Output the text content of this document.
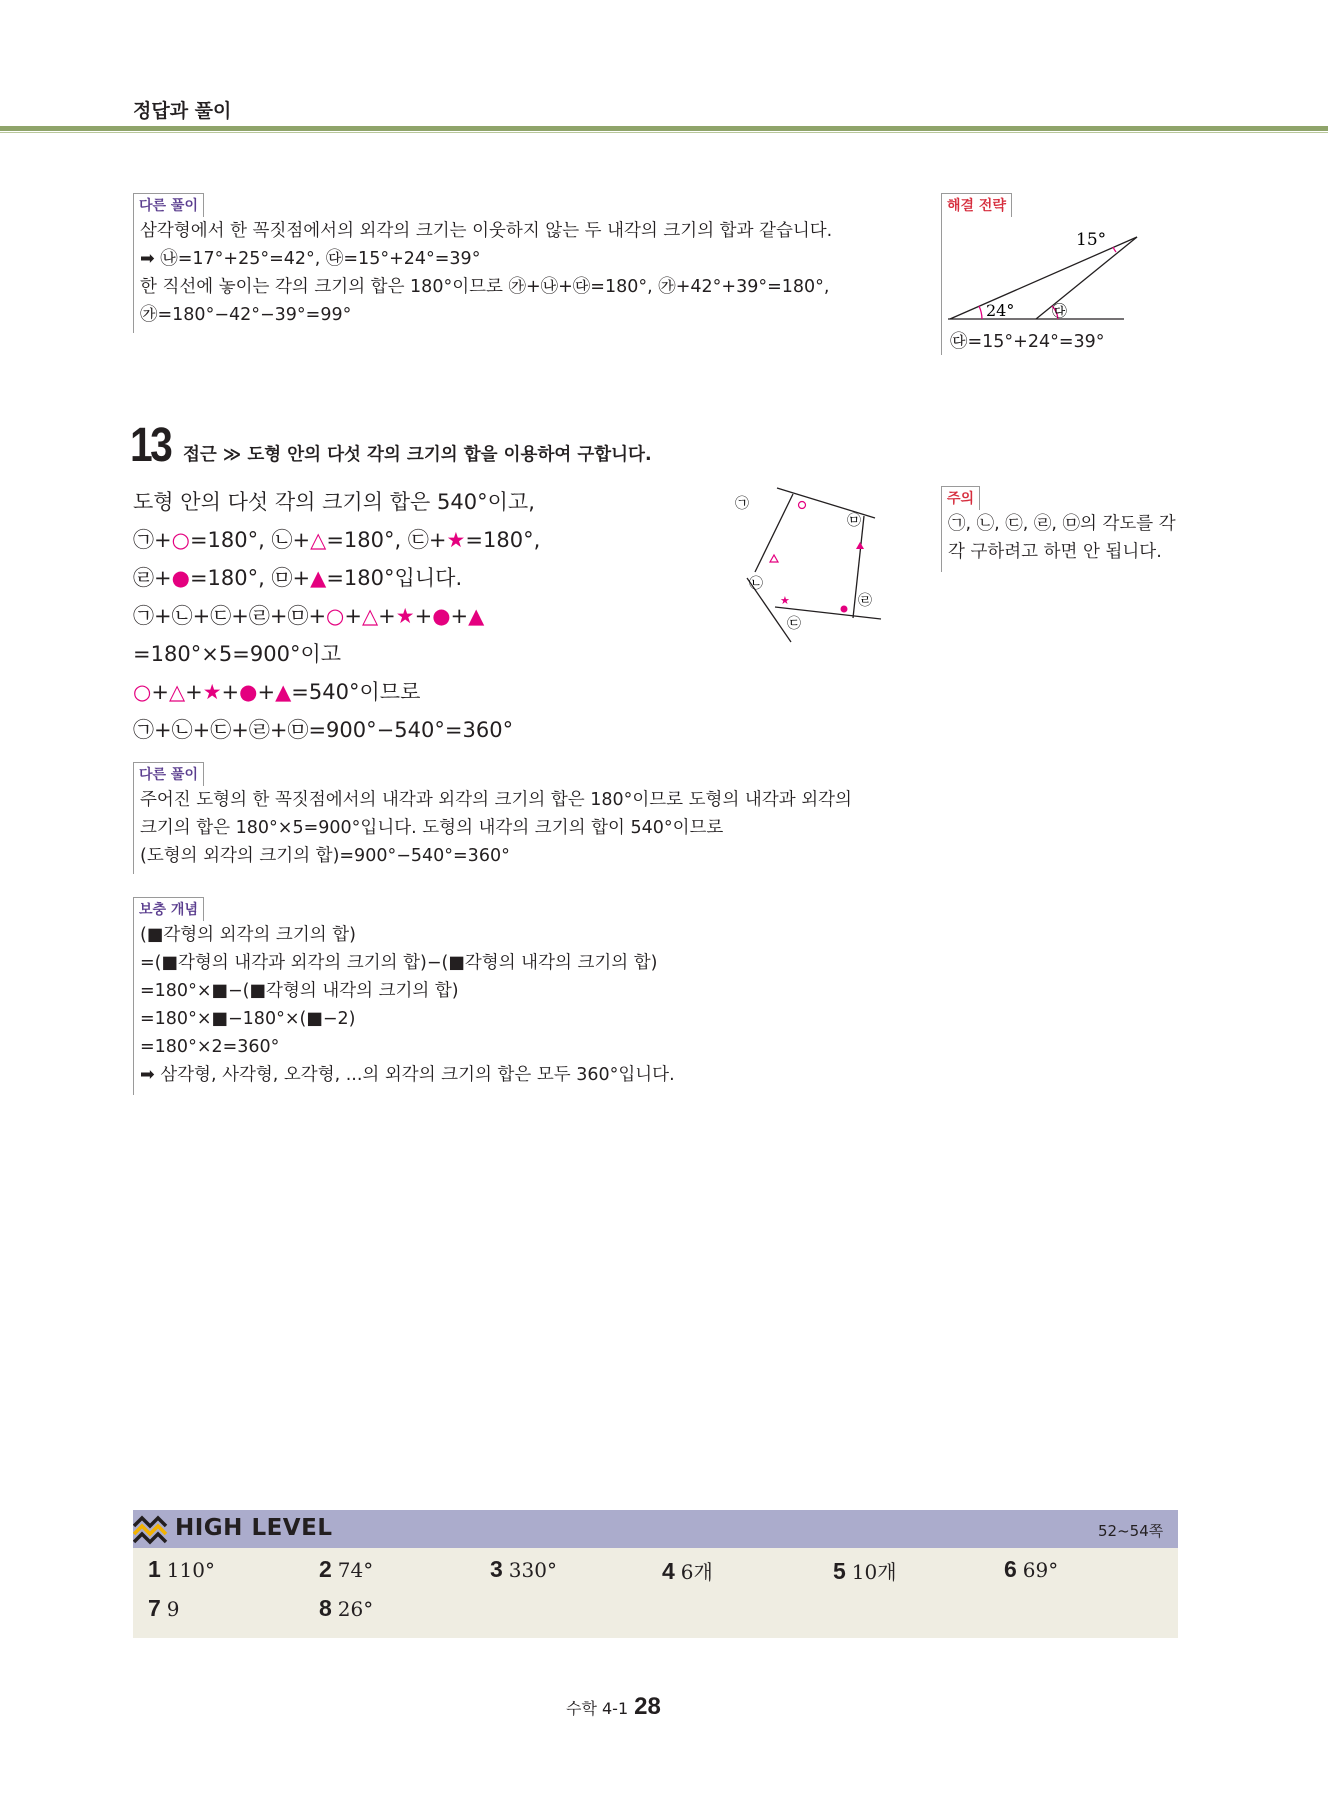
정답과 풀이
다른 풀이
삼각형에서 한 꼭짓점에서의 외각의 크기는 이웃하지 않는 두 내각의 크기의 합과 같습니다.
➡ ㉯=17°+25°=42°, ㉰=15°+24°=39°
한 직선에 놓이는 각의 크기의 합은 180°이므로 ㉮+㉯+㉰=180°, ㉮+42°+39°=180°,
㉮=180°−42°−39°=99°
해결 전략
15°
24°	㉰
㉰=15°+24°=39°
13 접근 ≫ 도형 안의 다섯 각의 크기의 합을 이용하여 구합니다.
도형 안의 다섯 각의 크기의 합은 540°이고,
㉠+○=180°, ㉡+△=180°, ㉢+★=180°,
㉣+●=180°, ㉤+▲=180°입니다.
㉠+㉡+㉢+㉣+㉤+○+△+★+●+▲
=180°×5=900°이고
○+△+★+●+▲=540°이므로
㉠+㉡+㉢+㉣+㉤=900°−540°=360°
★
㉠
㉡
㉢
㉣
㉤
주의
㉠, ㉡, ㉢, ㉣, ㉤의 각도를 각
각 구하려고 하면 안 됩니다.
다른 풀이
주어진 도형의 한 꼭짓점에서의 내각과 외각의 크기의 합은 180°이므로 도형의 내각과 외각의
크기의 합은 180°×5=900°입니다. 도형의 내각의 크기의 합이 540°이므로
(도형의 외각의 크기의 합)=900°−540°=360°
보충 개념
(■각형의 외각의 크기의 합)
=(■각형의 내각과 외각의 크기의 합)−(■각형의 내각의 크기의 합)
=180°×■−(■각형의 내각의 크기의 합)
=180°×■−180°×(■−2)
=180°×2=360°
➡ 삼각형, 사각형, 오각형, ...의 외각의 크기의 합은 모두 360°입니다.
HIGH LEVEL	52~54쪽
1 110°	2 74°	3 330°	4 6개	5 10개	6 69°
7 9	8 26°
수학 4-1 28
